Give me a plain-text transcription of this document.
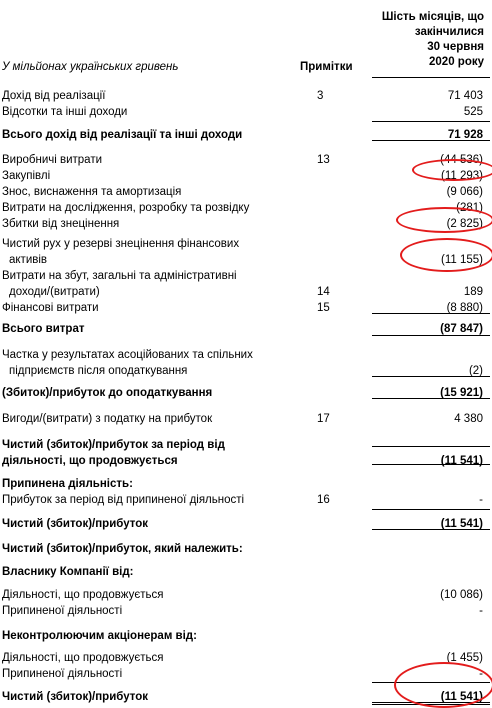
Шість місяців, що
закінчилися
30 червня
2020 року
У мільйонах українських гривень	Примітки
Дохід від реалізації	3	71 403
Відсотки та інші доходи	525
Всього дохід від реалізації та інші доходи	71 928
Виробничі витрати	13	(44 536)
Закупівлі	(11 293)
Знос, виснаження та амортизація	(9 066)
Витрати на дослідження, розробку та розвідку	(281)
Збитки від знецінення	(2 825)
Чистий рух у резерві знецінення фінансових
активів	(11 155)
Витрати на збут, загальні та адміністративні
доходи/(витрати)	14	189
Фінансові витрати	15	(8 880)
Всього витрат	(87 847)
Частка у результатах асоційованих та спільних
підприємств після оподаткування	(2)
(Збиток)/прибуток до оподаткування	(15 921)
Вигоди/(витрати) з податку на прибуток	17	4 380
Чистий (збиток)/прибуток за період від
діяльності, що продовжується	(11 541)
Припинена діяльність:
Прибуток за період від припиненої діяльності	16	-
Чистий (збиток)/прибуток	(11 541)
Чистий (збиток)/прибуток, який належить:
Власнику Компанії від:
Діяльності, що продовжується	(10 086)
Припиненої діяльності	-
Неконтролюючим акціонерам від:
Діяльності, що продовжується	(1 455)
Припиненої діяльності	-
Чистий (збиток)/прибуток	(11 541)
